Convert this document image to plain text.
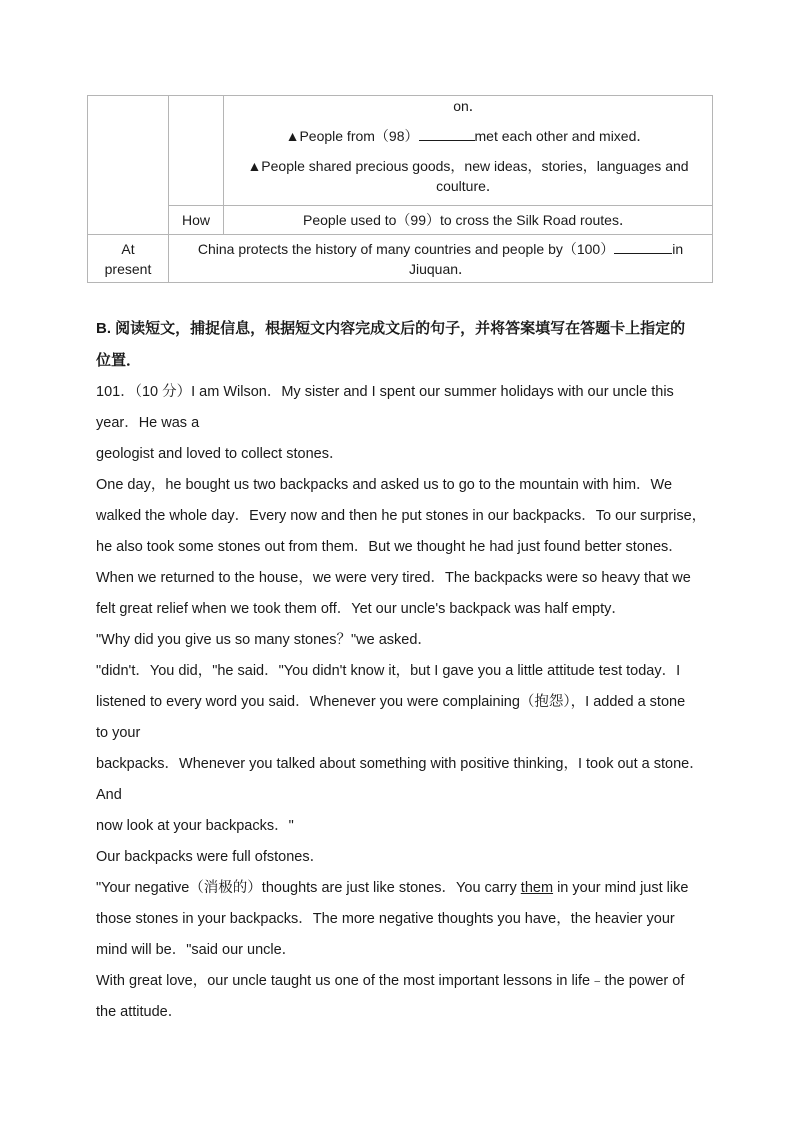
		on．
▲People from（98） met each other and mixed．
▲People shared precious goods，new ideas，stories，languages and
coulture．

	How	People used to（99）to cross the Silk Road routes．

At
present	China protects the history of many countries and people by（100） in
Jiuquan．	
B. 阅读短文，捕捉信息，根据短文内容完成文后的句子，并将答案填写在答题卡上指定的
位置．
101．（10 分）I am Wilson．My sister and I spent our summer holidays with our uncle this
year．He was a
geologist and loved to collect stones．
One day，he bought us two backpacks and asked us to go to the mountain with him．We
walked the whole day．Every now and then he put stones in our backpacks．To our surprise，
he also took some stones out from them．But we thought he had just found better stones．
When we returned to the house，we were very tired．The backpacks were so heavy that we
felt great relief when we took them off．Yet our uncle's backpack was half empty．
"Why did you give us so many stones？"we asked．
"didn't．You did，"he said．"You didn't know it，but I gave you a little attitude test today．I
listened to every word you said．Whenever you were complaining（抱怨），I added a stone
to your
backpacks．Whenever you talked about something with positive thinking，I took out a stone．
And
now look at your backpacks．"
Our backpacks were full ofstones．
"Your negative（消极的）thoughts are just like stones．You carry them in your mind just like
those stones in your backpacks．The more negative thoughts you have，the heavier your
mind will be．"said our uncle．
With great love，our uncle taught us one of the most important lessons in life﹣the power of
the attitude．
